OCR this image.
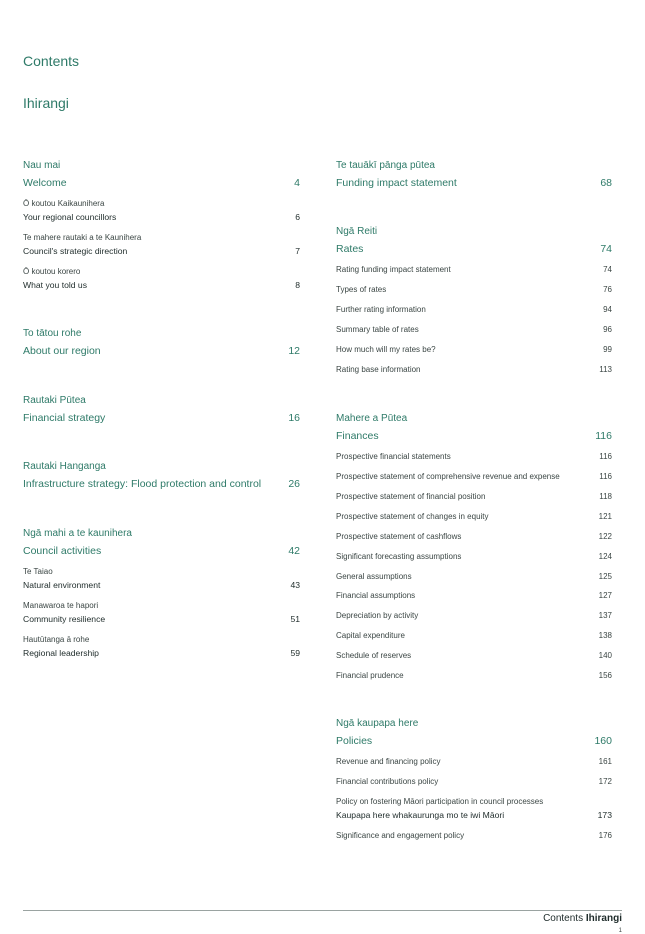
Contents
Ihirangi
Nau mai
Welcome	4
Ō koutou Kaikaunihera
Your regional councillors	6
Te mahere rautaki a te Kaunihera
Council's strategic direction	7
Ō koutou korero
What you told us	8
To tātou rohe
About our region	12
Rautaki Pūtea
Financial strategy	16
Rautaki Hanganga
Infrastructure strategy: Flood protection and control	26
Ngā mahi a te kaunihera
Council activities	42
Te Taiao
Natural environment	43
Manawaroa te hapori
Community resilience	51
Hautūtanga ā rohe
Regional leadership	59
Te tauākī pānga pūtea
Funding impact statement	68
Ngā Reiti
Rates	74
Rating funding impact statement	74
Types of rates	76
Further rating information	94
Summary table of rates	96
How much will my rates be?	99
Rating base information	113
Mahere a Pūtea
Finances	116
Prospective financial statements	116
Prospective statement of comprehensive revenue and expense	116
Prospective statement of financial position	118
Prospective statement of changes in equity	121
Prospective statement of cashflows	122
Significant forecasting assumptions	124
General assumptions	125
Financial assumptions	127
Depreciation by activity	137
Capital expenditure	138
Schedule of reserves	140
Financial prudence	156
Ngā kaupapa here
Policies	160
Revenue and financing policy	161
Financial contributions policy	172
Policy on fostering Māori participation in council processes
Kaupapa here whakaurunga mo te iwi Māori	173
Significance and engagement policy	176
Contents Ihirangi
1
